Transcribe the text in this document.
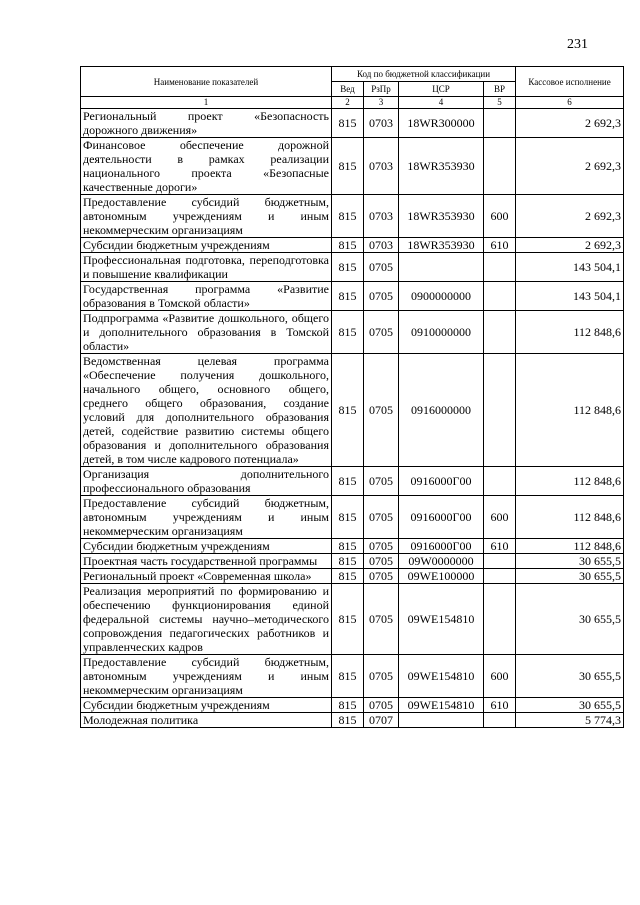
231
Наименование показателей	Код по бюджетной классификации				Кассовое исполнение
	Вед	РзПр	ЦСР	ВР	
1	2	3	4	5	6
Региональный проект «Безопасность дорожного движения»	815	0703	18WR300000		2 692,3
Финансовое обеспечение дорожной деятельности в рамках реализации национального проекта «Безопасные качественные дороги»	815	0703	18WR353930		2 692,3
Предоставление субсидий бюджетным, автономным учреждениям и иным некоммерческим организациям	815	0703	18WR353930	600	2 692,3
Субсидии бюджетным учреждениям	815	0703	18WR353930	610	2 692,3
Профессиональная подготовка, переподготовка и повышение квалификации	815	0705			143 504,1
Государственная программа «Развитие образования в Томской области»	815	0705	0900000000		143 504,1
Подпрограмма «Развитие дошкольного, общего и дополнительного образования в Томской области»	815	0705	0910000000		112 848,6
Ведомственная целевая программа «Обеспечение получения дошкольного, начального общего, основного общего, среднего общего образования, создание условий для дополнительного образования детей, содействие развитию системы общего образования и дополнительного образования детей, в том числе кадрового потенциала»	815	0705	0916000000		112 848,6
Организация дополнительного профессионального образования	815	0705	0916000Г00		112 848,6
Предоставление субсидий бюджетным, автономным учреждениям и иным некоммерческим организациям	815	0705	0916000Г00	600	112 848,6
Субсидии бюджетным учреждениям	815	0705	0916000Г00	610	112 848,6
Проектная часть государственной программы	815	0705	09W0000000		30 655,5
Региональный проект «Современная школа»	815	0705	09WE100000		30 655,5
Реализация мероприятий по формированию и обеспечению функционирования единой федеральной системы научно–методического сопровождения педагогических работников и управленческих кадров	815	0705	09WE154810		30 655,5
Предоставление субсидий бюджетным, автономным учреждениям и иным некоммерческим организациям	815	0705	09WE154810	600	30 655,5
Субсидии бюджетным учреждениям	815	0705	09WE154810	610	30 655,5
Молодежная политика	815	0707			5 774,3
